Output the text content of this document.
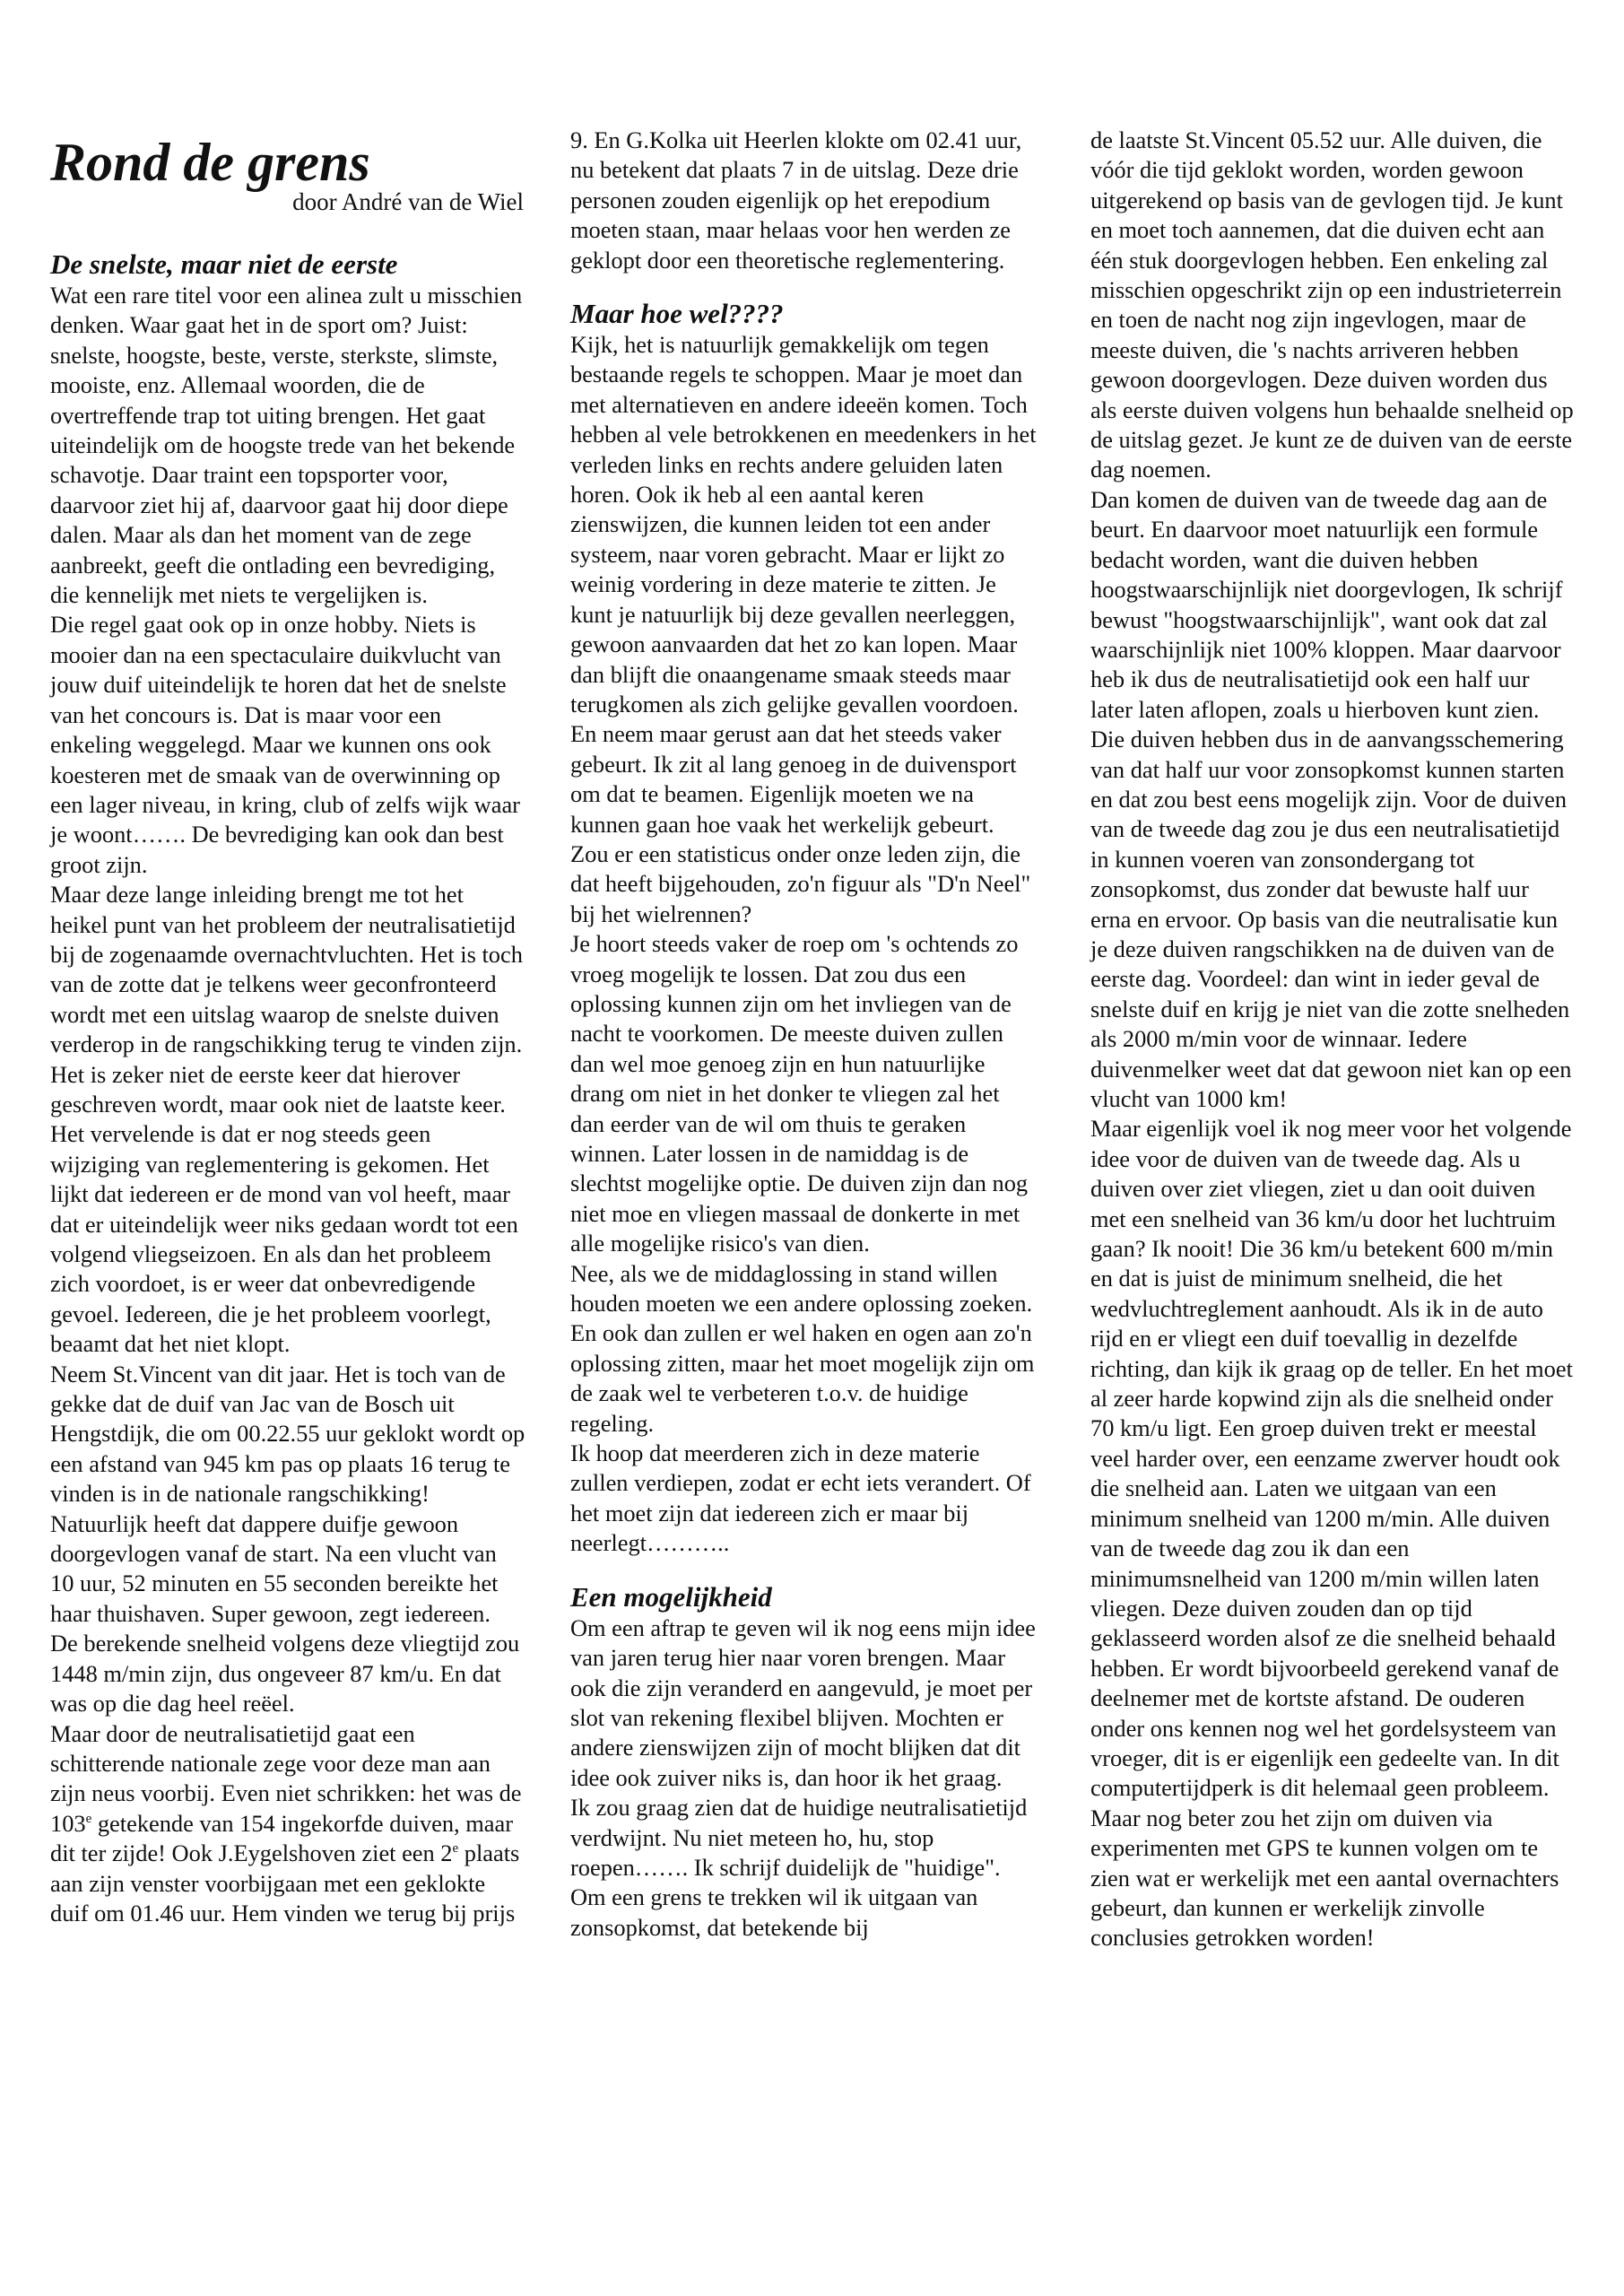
Rond de grens

door André van de Wiel

De snelste, maar niet de eerste

Wat een rare titel voor een alinea zult u misschien denken. Waar gaat het in de sport om? Juist: snelste, hoogste, beste, verste, sterkste, slimste, mooiste, enz. Allemaal woorden, die de overtreffende trap tot uiting brengen. Het gaat uiteindelijk om de hoogste trede van het bekende schavotje. Daar traint een topsporter voor, daarvoor ziet hij af, daarvoor gaat hij door diepe dalen. Maar als dan het moment van de zege aanbreekt, geeft die ontlading een bevrediging, die kennelijk met niets te vergelijken is.

Die regel gaat ook op in onze hobby. Niets is mooier dan na een spectaculaire duikvlucht van jouw duif uiteindelijk te horen dat het de snelste van het concours is. Dat is maar voor een enkeling weggelegd. Maar we kunnen ons ook koesteren met de smaak van de overwinning op een lager niveau, in kring, club of zelfs wijk waar je woont……. De bevrediging kan ook dan best groot zijn.

Maar deze lange inleiding brengt me tot het heikel punt van het probleem der neutralisatietijd bij de zogenaamde overnachtvluchten. Het is toch van de zotte dat je telkens weer geconfronteerd wordt met een uitslag waarop de snelste duiven verderop in de rangschikking terug te vinden zijn. Het is zeker niet de eerste keer dat hierover geschreven wordt, maar ook niet de laatste keer. Het vervelende is dat er nog steeds geen wijziging van reglementering is gekomen. Het lijkt dat iedereen er de mond van vol heeft, maar dat er uiteindelijk weer niks gedaan wordt tot een volgend vliegseizoen. En als dan het probleem zich voordoet, is er weer dat onbevredigende gevoel. Iedereen, die je het probleem voorlegt, beaamt dat het niet klopt.

Neem St.Vincent van dit jaar. Het is toch van de gekke dat de duif van Jac van de Bosch uit Hengstdijk, die om 00.22.55 uur geklokt wordt op een afstand van 945 km pas op plaats 16 terug te vinden is in de nationale rangschikking! Natuurlijk heeft dat dappere duifje gewoon doorgevlogen vanaf de start. Na een vlucht van 10 uur, 52 minuten en 55 seconden bereikte het haar thuishaven. Super gewoon, zegt iedereen.

De berekende snelheid volgens deze vliegtijd zou 1448 m/min zijn, dus ongeveer 87 km/u. En dat was op die dag heel reëel.

Maar door de neutralisatietijd gaat een schitterende nationale zege voor deze man aan zijn neus voorbij. Even niet schrikken: het was de 103e getekende van 154 ingekorfde duiven, maar dit ter zijde! Ook J.Eygelshoven ziet een 2e plaats aan zijn venster voorbijgaan met een geklokte duif om 01.46 uur. Hem vinden we terug bij prijs

9. En G.Kolka uit Heerlen klokte om 02.41 uur, nu betekent dat plaats 7 in de uitslag. Deze drie personen zouden eigenlijk op het erepodium moeten staan, maar helaas voor hen werden ze geklopt door een theoretische reglementering.

Maar hoe wel????

Kijk, het is natuurlijk gemakkelijk om tegen bestaande regels te schoppen. Maar je moet dan met alternatieven en andere ideeën komen. Toch hebben al vele betrokkenen en meedenkers in het verleden links en rechts andere geluiden laten horen. Ook ik heb al een aantal keren zienswijzen, die kunnen leiden tot een ander systeem, naar voren gebracht. Maar er lijkt zo weinig vordering in deze materie te zitten. Je kunt je natuurlijk bij deze gevallen neerleggen, gewoon aanvaarden dat het zo kan lopen. Maar dan blijft die onaangename smaak steeds maar terugkomen als zich gelijke gevallen voordoen. En neem maar gerust aan dat het steeds vaker gebeurt. Ik zit al lang genoeg in de duivensport om dat te beamen. Eigenlijk moeten we na kunnen gaan hoe vaak het werkelijk gebeurt. Zou er een statisticus onder onze leden zijn, die dat heeft bijgehouden, zo'n figuur als "D'n Neel" bij het wielrennen?

Je hoort steeds vaker de roep om 's ochtends zo vroeg mogelijk te lossen. Dat zou dus een oplossing kunnen zijn om het invliegen van de nacht te voorkomen. De meeste duiven zullen dan wel moe genoeg zijn en hun natuurlijke drang om niet in het donker te vliegen zal het dan eerder van de wil om thuis te geraken winnen. Later lossen in de namiddag is de slechtst mogelijke optie. De duiven zijn dan nog niet moe en vliegen massaal de donkerte in met alle mogelijke risico's van dien.

Nee, als we de middaglossing in stand willen houden moeten we een andere oplossing zoeken. En ook dan zullen er wel haken en ogen aan zo'n oplossing zitten, maar het moet mogelijk zijn om de zaak wel te verbeteren t.o.v. de huidige regeling.

Ik hoop dat meerderen zich in deze materie zullen verdiepen, zodat er echt iets verandert. Of het moet zijn dat iedereen zich er maar bij neerlegt………..

Een mogelijkheid

Om een aftrap te geven wil ik nog eens mijn idee van jaren terug hier naar voren brengen. Maar ook die zijn veranderd en aangevuld, je moet per slot van rekening flexibel blijven. Mochten er andere zienswijzen zijn of mocht blijken dat dit idee ook zuiver niks is, dan hoor ik het graag.

Ik zou graag zien dat de huidige neutralisatietijd verdwijnt. Nu niet meteen ho, hu, stop roepen……. Ik schrijf duidelijk de "huidige". Om een grens te trekken wil ik uitgaan van zonsopkomst, dat betekende bij

de laatste St.Vincent 05.52 uur. Alle duiven, die vóór die tijd geklokt worden, worden gewoon uitgerekend op basis van de gevlogen tijd. Je kunt en moet toch aannemen, dat die duiven echt aan één stuk doorgevlogen hebben. Een enkeling zal misschien opgeschrikt zijn op een industrieterrein en toen de nacht nog zijn ingevlogen, maar de meeste duiven, die 's nachts arriveren hebben gewoon doorgevlogen. Deze duiven worden dus als eerste duiven volgens hun behaalde snelheid op de uitslag gezet. Je kunt ze de duiven van de eerste dag noemen.

Dan komen de duiven van de tweede dag aan de beurt. En daarvoor moet natuurlijk een formule bedacht worden, want die duiven hebben hoogstwaarschijnlijk niet doorgevlogen, Ik schrijf bewust "hoogstwaarschijnlijk", want ook dat zal waarschijnlijk niet 100% kloppen. Maar daarvoor heb ik dus de neutralisatietijd ook een half uur later laten aflopen, zoals u hierboven kunt zien. Die duiven hebben dus in de aanvangsschemering van dat half uur voor zonsopkomst kunnen starten en dat zou best eens mogelijk zijn. Voor de duiven van de tweede dag zou je dus een neutralisatietijd in kunnen voeren van zonsondergang tot zonsopkomst, dus zonder dat bewuste half uur erna en ervoor. Op basis van die neutralisatie kun je deze duiven rangschikken na de duiven van de eerste dag. Voordeel: dan wint in ieder geval de snelste duif en krijg je niet van die zotte snelheden als 2000 m/min voor de winnaar. Iedere duivenmelker weet dat dat gewoon niet kan op een vlucht van 1000 km!

Maar eigenlijk voel ik nog meer voor het volgende idee voor de duiven van de tweede dag. Als u duiven over ziet vliegen, ziet u dan ooit duiven met een snelheid van 36 km/u door het luchtruim gaan? Ik nooit! Die 36 km/u betekent 600 m/min en dat is juist de minimum snelheid, die het wedvluchtreglement aanhoudt. Als ik in de auto rijd en er vliegt een duif toevallig in dezelfde richting, dan kijk ik graag op de teller. En het moet al zeer harde kopwind zijn als die snelheid onder 70 km/u ligt. Een groep duiven trekt er meestal veel harder over, een eenzame zwerver houdt ook die snelheid aan. Laten we uitgaan van een minimum snelheid van 1200 m/min. Alle duiven van de tweede dag zou ik dan een minimumsnelheid van 1200 m/min willen laten vliegen. Deze duiven zouden dan op tijd geklasseerd worden alsof ze die snelheid behaald hebben. Er wordt bijvoorbeeld gerekend vanaf de deelnemer met de kortste afstand. De ouderen onder ons kennen nog wel het gordelsysteem van vroeger, dit is er eigenlijk een gedeelte van. In dit computertijdperk is dit helemaal geen probleem. Maar nog beter zou het zijn om duiven via experimenten met GPS te kunnen volgen om te zien wat er werkelijk met een aantal overnachters gebeurt, dan kunnen er werkelijk zinvolle conclusies getrokken worden!
